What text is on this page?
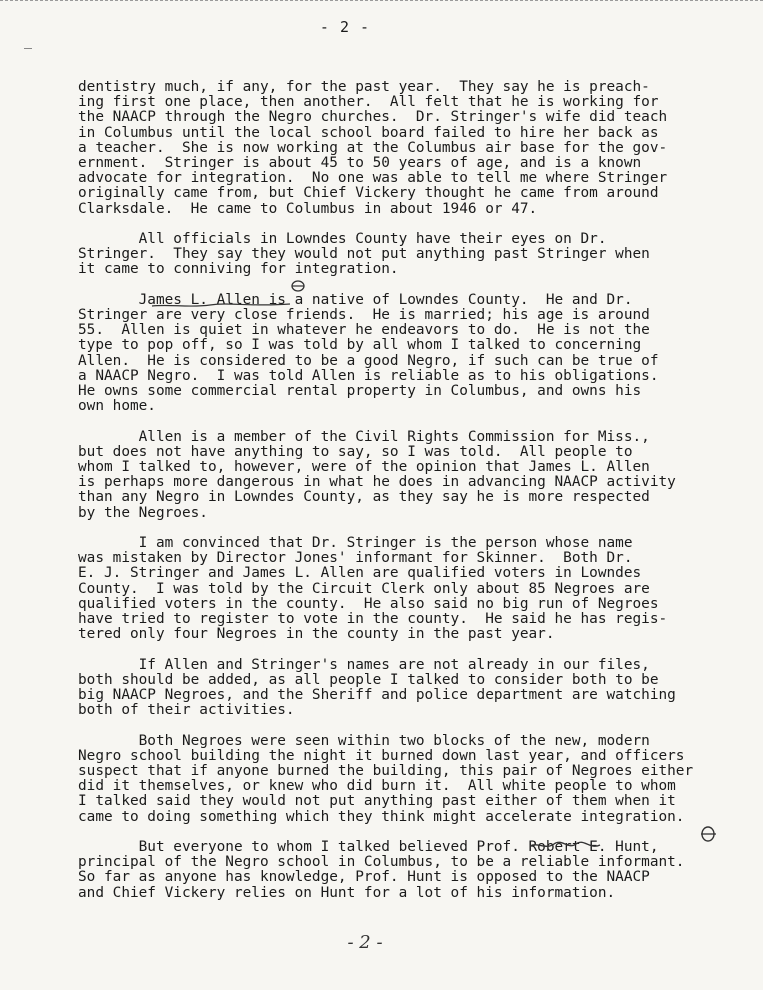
- 2 -

dentistry much, if any, for the past year.  They say he is preach-
ing first one place, then another.  All felt that he is working for
the NAACP through the Negro churches.  Dr. Stringer's wife did teach
in Columbus until the local school board failed to hire her back as
a teacher.  She is now working at the Columbus air base for the gov-
ernment.  Stringer is about 45 to 50 years of age, and is a known
advocate for integration.  No one was able to tell me where Stringer
originally came from, but Chief Vickery thought he came from around
Clarksdale.  He came to Columbus in about 1946 or 47.

All officials in Lowndes County have their eyes on Dr.
Stringer.  They say they would not put anything past Stringer when
it came to conniving for integration.

James L. Allen is a native of Lowndes County.  He and Dr.
Stringer are very close friends.  He is married; his age is around
55.  Allen is quiet in whatever he endeavors to do.  He is not the
type to pop off, so I was told by all whom I talked to concerning
Allen.  He is considered to be a good Negro, if such can be true of
a NAACP Negro.  I was told Allen is reliable as to his obligations.
He owns some commercial rental property in Columbus, and owns his
own home.

Allen is a member of the Civil Rights Commission for Miss.,
but does not have anything to say, so I was told.  All people to
whom I talked to, however, were of the opinion that James L. Allen
is perhaps more dangerous in what he does in advancing NAACP activity
than any Negro in Lowndes County, as they say he is more respected
by the Negroes.

I am convinced that Dr. Stringer is the person whose name
was mistaken by Director Jones' informant for Skinner.  Both Dr.
E. J. Stringer and James L. Allen are qualified voters in Lowndes
County.  I was told by the Circuit Clerk only about 85 Negroes are
qualified voters in the county.  He also said no big run of Negroes
have tried to register to vote in the county.  He said he has regis-
tered only four Negroes in the county in the past year.

If Allen and Stringer's names are not already in our files,
both should be added, as all people I talked to consider both to be
big NAACP Negroes, and the Sheriff and police department are watching
both of their activities.

Both Negroes were seen within two blocks of the new, modern
Negro school building the night it burned down last year, and officers
suspect that if anyone burned the building, this pair of Negroes either
did it themselves, or knew who did burn it.  All white people to whom
I talked said they would not put anything past either of them when it
came to doing something which they think might accelerate integration.

But everyone to whom I talked believed Prof. Robert E. Hunt,
principal of the Negro school in Columbus, to be a reliable informant.
So far as anyone has knowledge, Prof. Hunt is opposed to the NAACP
and Chief Vickery relies on Hunt for a lot of his information.

- 2 -
